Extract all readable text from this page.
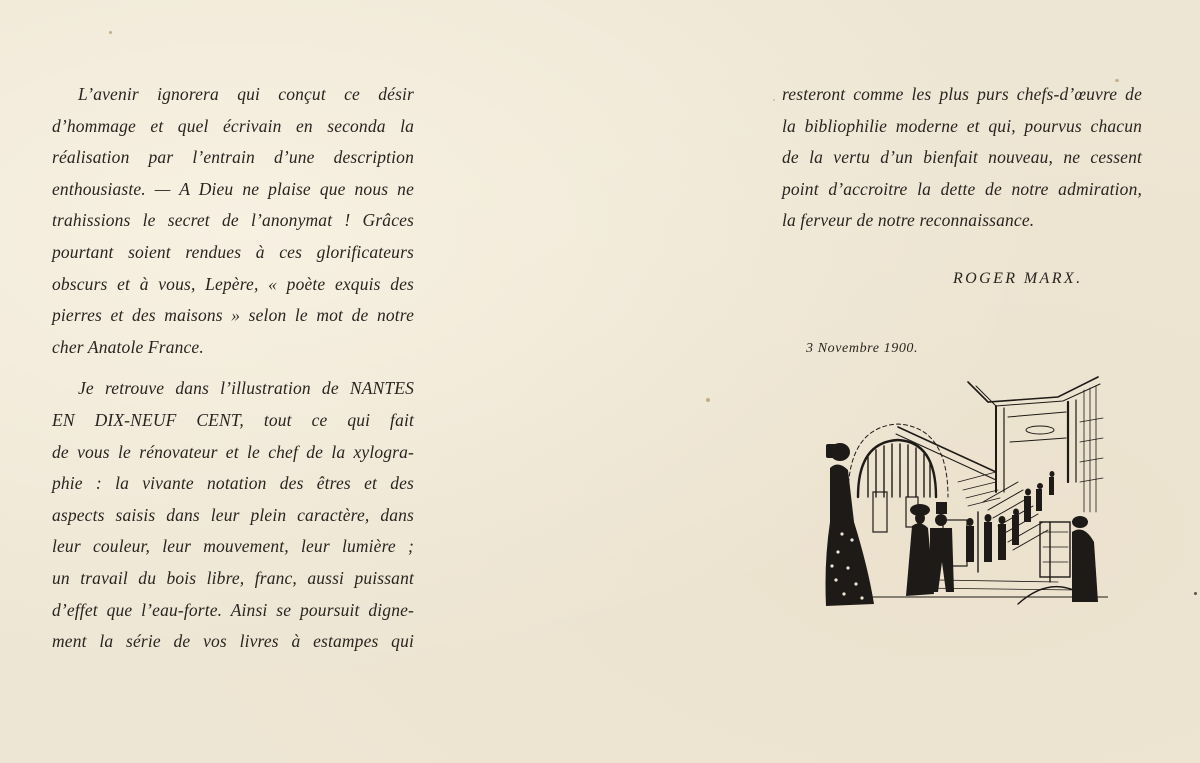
L’avenir ignorera qui conçut ce désir
d’hommage et quel écrivain en seconda la
réalisation par l’entrain d’une description
enthousiaste. — A Dieu ne plaise que nous ne
trahissions le secret de l’anonymat ! Grâces
pourtant soient rendues à ces glorificateurs
obscurs et à vous, Lepère, « poète exquis des
pierres et des maisons » selon le mot de notre
cher Anatole France.
Je retrouve dans l’illustration de NANTES
EN DIX-NEUF CENT, tout ce qui fait
de vous le rénovateur et le chef de la xylogra-
phie : la vivante notation des êtres et des
aspects saisis dans leur plein caractère, dans
leur couleur, leur mouvement, leur lumière ;
un travail du bois libre, franc, aussi puissant
d’effet que l’eau-forte. Ainsi se poursuit digne-
ment la série de vos livres à estampes qui
resteront comme les plus purs chefs-d’œuvre de
la bibliophilie moderne et qui, pourvus chacun
de la vertu d’un bienfait nouveau, ne cessent
point d’accroitre la dette de notre admiration,
la ferveur de notre reconnaissance.
ROGER MARX.
3 Novembre 1900.
